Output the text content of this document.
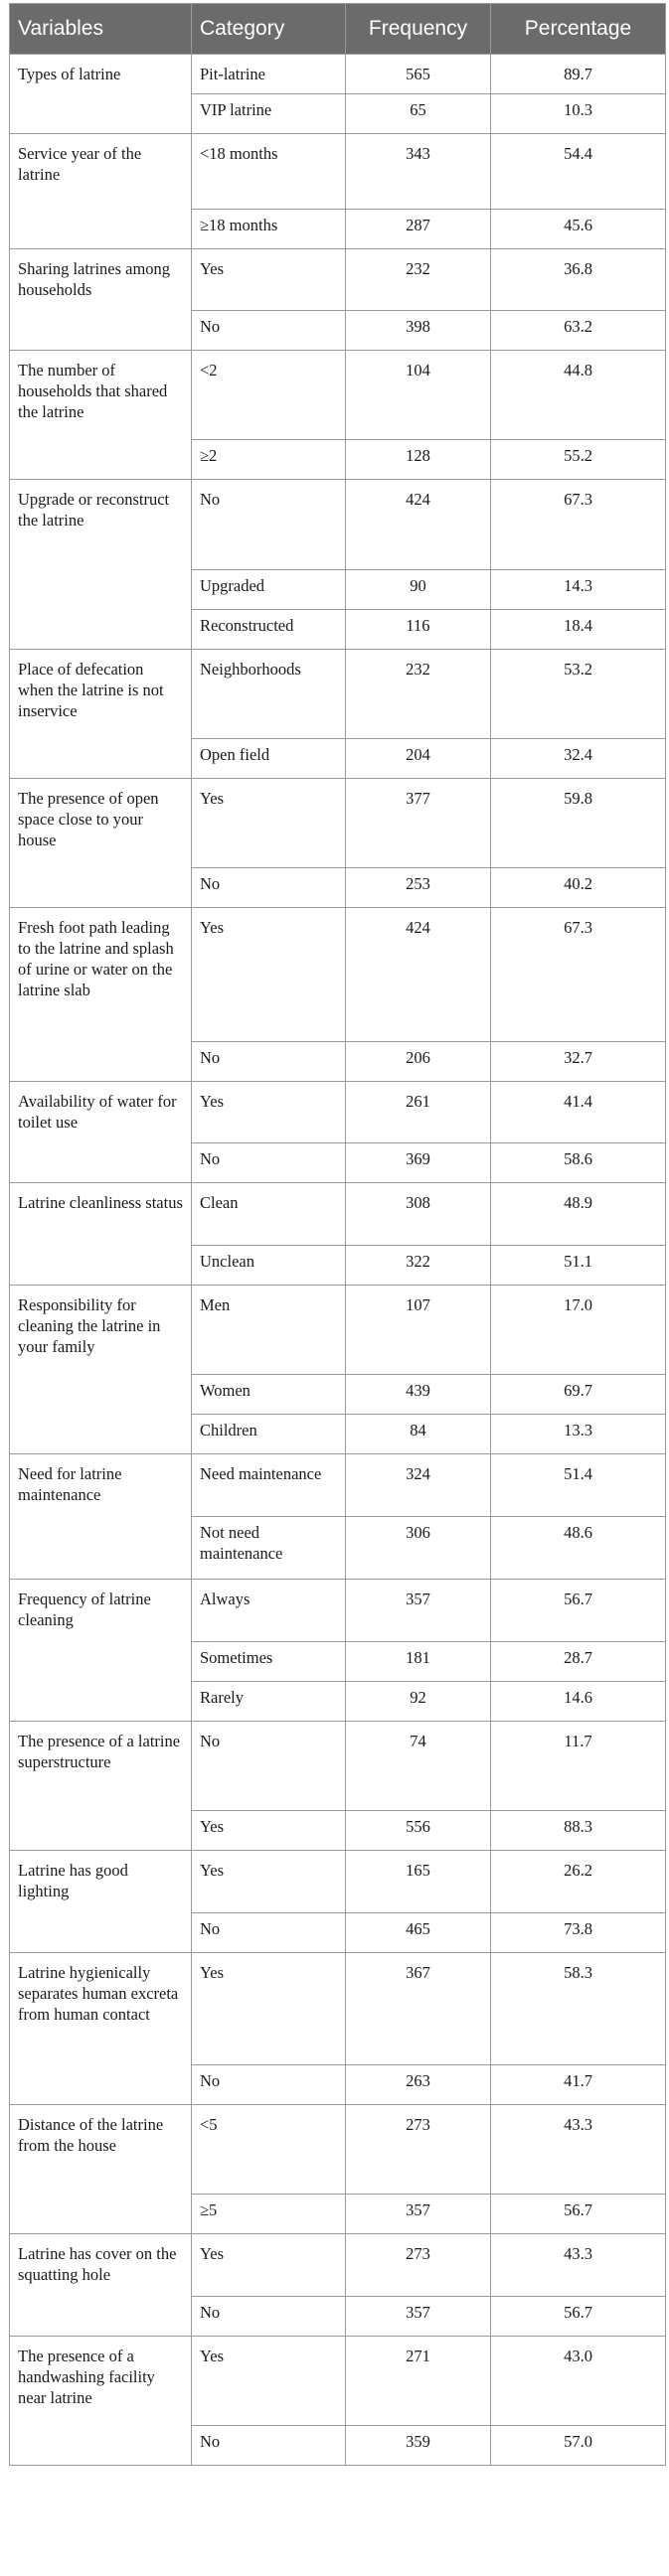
Variables	Category	Frequency	Percentage
Types of latrine	Pit-latrine	565	89.7
	VIP latrine	65	10.3
Service year of the latrine	<18 months	343	54.4
	≥18 months	287	45.6
Sharing latrines among households	Yes	232	36.8
	No	398	63.2
The number of households that shared the latrine	<2	104	44.8
	≥2	128	55.2
Upgrade or reconstruct the latrine	No	424	67.3
	Upgraded	90	14.3
	Reconstructed	116	18.4
Place of defecation when the latrine is not inservice	Neighborhoods	232	53.2
	Open field	204	32.4
The presence of open space close to your house	Yes	377	59.8
	No	253	40.2
Fresh foot path leading to the latrine and splash of urine or water on the latrine slab	Yes	424	67.3
	No	206	32.7
Availability of water for toilet use	Yes	261	41.4
	No	369	58.6
Latrine cleanliness status	Clean	308	48.9
	Unclean	322	51.1
Responsibility for cleaning the latrine in your family	Men	107	17.0
	Women	439	69.7
	Children	84	13.3
Need for latrine maintenance	Need maintenance	324	51.4
	Not need maintenance	306	48.6
Frequency of latrine cleaning	Always	357	56.7
	Sometimes	181	28.7
	Rarely	92	14.6
The presence of a latrine superstructure	No	74	11.7
	Yes	556	88.3
Latrine has good lighting	Yes	165	26.2
	No	465	73.8
Latrine hygienically separates human excreta from human contact	Yes	367	58.3
	No	263	41.7
Distance of the latrine from the house	<5	273	43.3
	≥5	357	56.7
Latrine has cover on the squatting hole	Yes	273	43.3
	No	357	56.7
The presence of a handwashing facility near latrine	Yes	271	43.0
	No	359	57.0
